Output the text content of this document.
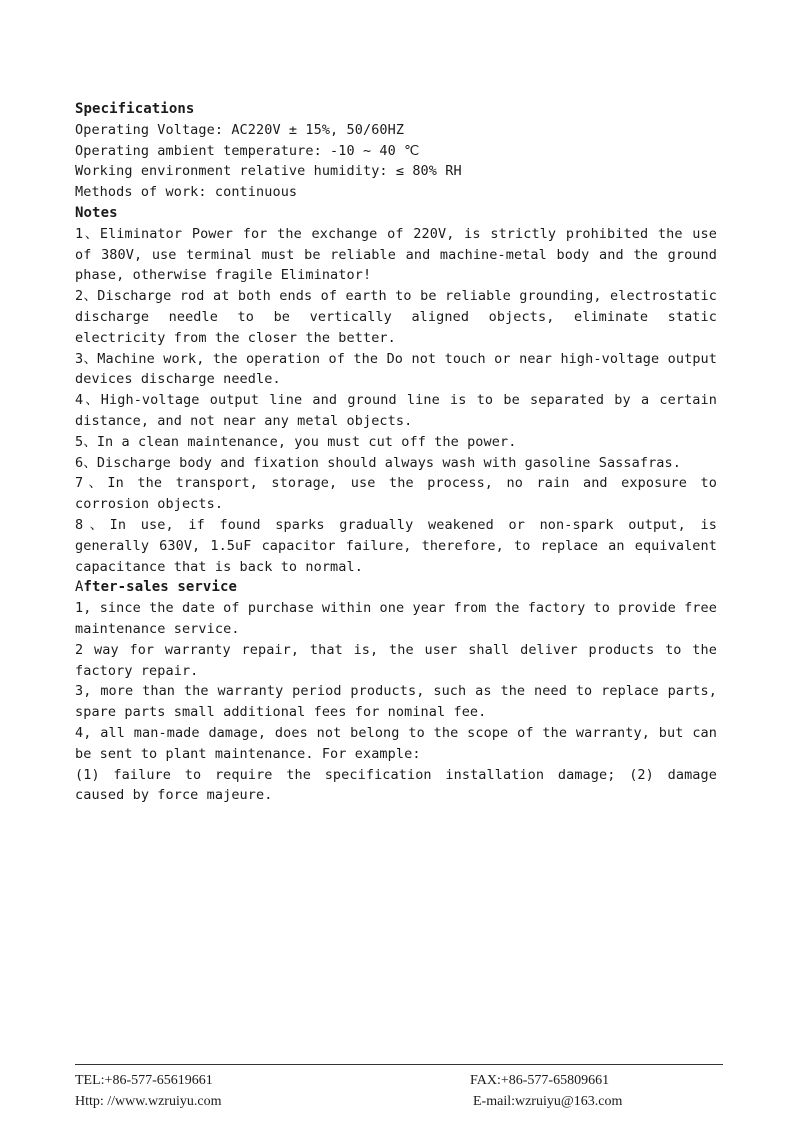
Specifications

Operating Voltage: AC220V ± 15%, 50/60HZ

Operating ambient temperature: -10 ~ 40 ℃

Working environment relative humidity: ≤ 80% RH

Methods of work: continuous

Notes

1、Eliminator Power for the exchange of 220V, is strictly prohibited the use of 380V, use terminal must be reliable and machine-metal body and the ground phase, otherwise fragile Eliminator!

2、Discharge rod at both ends of earth to be reliable grounding, electrostatic discharge needle to be vertically aligned objects, eliminate static electricity from the closer the better.

3、Machine work, the operation of the Do not touch or near high-voltage output devices discharge needle.

4、High-voltage output line and ground line is to be separated by a certain distance, and not near any metal objects.

5、In a clean maintenance, you must cut off the power.

6、Discharge body and fixation should always wash with gasoline Sassafras.

7、In the transport, storage, use the process, no rain and exposure to corrosion objects.

8、In use, if found sparks gradually weakened or non-spark output, is generally 630V, 1.5uF capacitor failure, therefore, to replace an equivalent capacitance that is back to normal.

After-sales service

1, since the date of purchase within one year from the factory to provide free maintenance service.

2 way for warranty repair, that is, the user shall deliver products to the factory repair.

3, more than the warranty period products, such as the need to replace parts, spare parts small additional fees for nominal fee.

4, all man-made damage, does not belong to the scope of the warranty, but can be sent to plant maintenance. For example:

(1) failure to require the specification installation damage; (2) damage caused by force majeure.

TEL:+86-577-65619661	FAX:+86-577-65809661
Http: //www.wzruiyu.com	E-mail:wzruiyu@163.com
